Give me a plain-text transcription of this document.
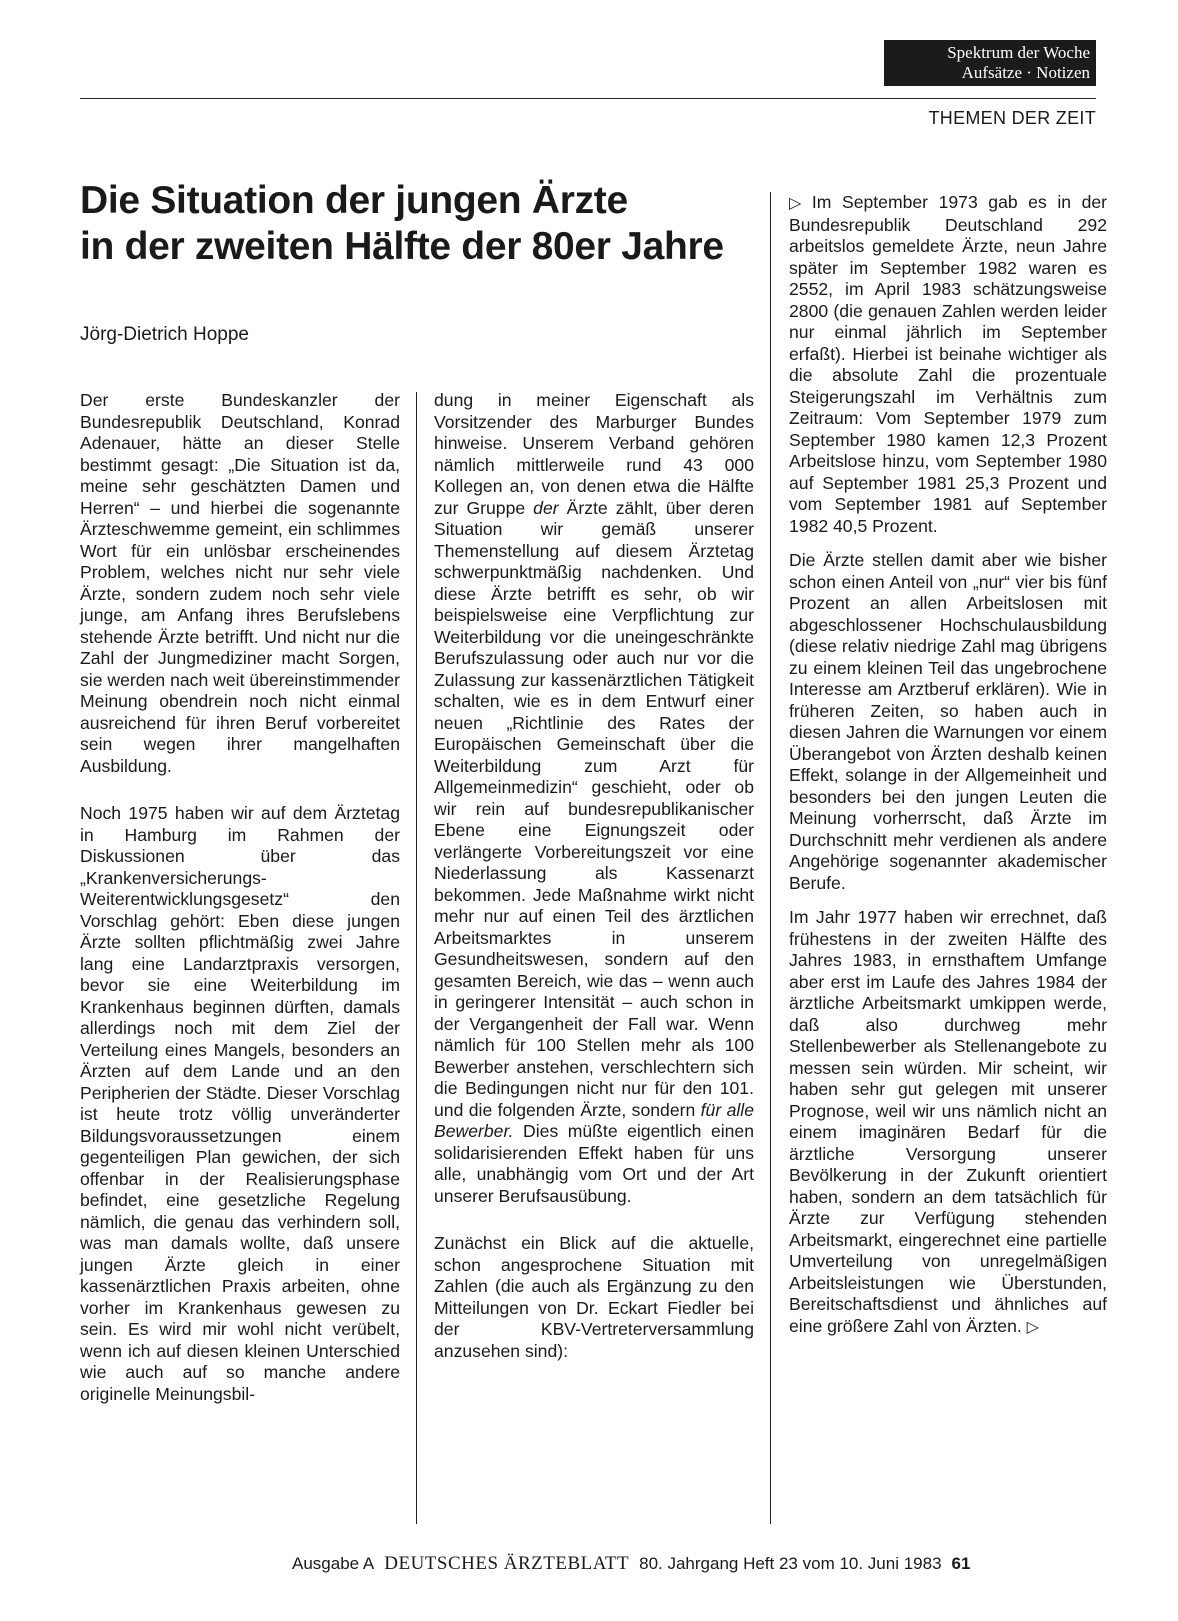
Spektrum der Woche
Aufsätze · Notizen
THEMEN DER ZEIT
Die Situation der jungen Ärzte
in der zweiten Hälfte der 80er Jahre
Jörg-Dietrich Hoppe

Der erste Bundeskanzler der Bundesrepublik Deutschland, Konrad Adenauer, hätte an dieser Stelle bestimmt gesagt: „Die Situation ist da, meine sehr geschätzten Damen und Herren“ – und hierbei die sogenannte Ärzteschwemme gemeint, ein schlimmes Wort für ein unlösbar erscheinendes Problem, welches nicht nur sehr viele Ärzte, sondern zudem noch sehr viele junge, am Anfang ihres Berufslebens stehende Ärzte betrifft. Und nicht nur die Zahl der Jungmediziner macht Sorgen, sie werden nach weit übereinstimmender Meinung obendrein noch nicht einmal ausreichend für ihren Beruf vorbereitet sein wegen ihrer mangelhaften Ausbildung.

Noch 1975 haben wir auf dem Ärztetag in Hamburg im Rahmen der Diskussionen über das „Krankenversicherungs-Weiterentwicklungsgesetz“ den Vorschlag gehört: Eben diese jungen Ärzte sollten pflichtmäßig zwei Jahre lang eine Landarztpraxis versorgen, bevor sie eine Weiterbildung im Krankenhaus beginnen dürften, damals allerdings noch mit dem Ziel der Verteilung eines Mangels, besonders an Ärzten auf dem Lande und an den Peripherien der Städte. Dieser Vorschlag ist heute trotz völlig unveränderter Bildungsvoraussetzungen einem gegenteiligen Plan gewichen, der sich offenbar in der Realisierungsphase befindet, eine gesetzliche Regelung nämlich, die genau das verhindern soll, was man damals wollte, daß unsere jungen Ärzte gleich in einer kassenärztlichen Praxis arbeiten, ohne vorher im Krankenhaus gewesen zu sein. Es wird mir wohl nicht verübelt, wenn ich auf diesen kleinen Unterschied wie auch auf so manche andere originelle Meinungsbil-

dung in meiner Eigenschaft als Vorsitzender des Marburger Bundes hinweise. Unserem Verband gehören nämlich mittlerweile rund 43 000 Kollegen an, von denen etwa die Hälfte zur Gruppe der Ärzte zählt, über deren Situation wir gemäß unserer Themenstellung auf diesem Ärztetag schwerpunktmäßig nachdenken. Und diese Ärzte betrifft es sehr, ob wir beispielsweise eine Verpflichtung zur Weiterbildung vor die uneingeschränkte Berufszulassung oder auch nur vor die Zulassung zur kassenärztlichen Tätigkeit schalten, wie es in dem Entwurf einer neuen „Richtlinie des Rates der Europäischen Gemeinschaft über die Weiterbildung zum Arzt für Allgemeinmedizin“ geschieht, oder ob wir rein auf bundesrepublikanischer Ebene eine Eignungszeit oder verlängerte Vorbereitungszeit vor eine Niederlassung als Kassenarzt bekommen. Jede Maßnahme wirkt nicht mehr nur auf einen Teil des ärztlichen Arbeitsmarktes in unserem Gesundheitswesen, sondern auf den gesamten Bereich, wie das – wenn auch in geringerer Intensität – auch schon in der Vergangenheit der Fall war. Wenn nämlich für 100 Stellen mehr als 100 Bewerber anstehen, verschlechtern sich die Bedingungen nicht nur für den 101. und die folgenden Ärzte, sondern für alle Bewerber. Dies müßte eigentlich einen solidarisierenden Effekt haben für uns alle, unabhängig vom Ort und der Art unserer Berufsausübung.

Zunächst ein Blick auf die aktuelle, schon angesprochene Situation mit Zahlen (die auch als Ergänzung zu den Mitteilungen von Dr. Eckart Fiedler bei der KBV-Vertreterversammlung anzusehen sind):

▷ Im September 1973 gab es in der Bundesrepublik Deutschland 292 arbeitslos gemeldete Ärzte, neun Jahre später im September 1982 waren es 2552, im April 1983 schätzungsweise 2800 (die genauen Zahlen werden leider nur einmal jährlich im September erfaßt). Hierbei ist beinahe wichtiger als die absolute Zahl die prozentuale Steigerungszahl im Verhältnis zum Zeitraum: Vom September 1979 zum September 1980 kamen 12,3 Prozent Arbeitslose hinzu, vom September 1980 auf September 1981 25,3 Prozent und vom September 1981 auf September 1982 40,5 Prozent.

Die Ärzte stellen damit aber wie bisher schon einen Anteil von „nur“ vier bis fünf Prozent an allen Arbeitslosen mit abgeschlossener Hochschulausbildung (diese relativ niedrige Zahl mag übrigens zu einem kleinen Teil das ungebrochene Interesse am Arztberuf erklären). Wie in früheren Zeiten, so haben auch in diesen Jahren die Warnungen vor einem Überangebot von Ärzten deshalb keinen Effekt, solange in der Allgemeinheit und besonders bei den jungen Leuten die Meinung vorherrscht, daß Ärzte im Durchschnitt mehr verdienen als andere Angehörige sogenannter akademischer Berufe.

Im Jahr 1977 haben wir errechnet, daß frühestens in der zweiten Hälfte des Jahres 1983, in ernsthaftem Umfange aber erst im Laufe des Jahres 1984 der ärztliche Arbeitsmarkt umkippen werde, daß also durchweg mehr Stellenbewerber als Stellenangebote zu messen sein würden. Mir scheint, wir haben sehr gut gelegen mit unserer Prognose, weil wir uns nämlich nicht an einem imaginären Bedarf für die ärztliche Versorgung unserer Bevölkerung in der Zukunft orientiert haben, sondern an dem tatsächlich für Ärzte zur Verfügung stehenden Arbeitsmarkt, eingerechnet eine partielle Umverteilung von unregelmäßigen Arbeitsleistungen wie Überstunden, Bereitschaftsdienst und ähnliches auf eine größere Zahl von Ärzten. ▷

Ausgabe A DEUTSCHES ÄRZTEBLATT 80. Jahrgang Heft 23 vom 10. Juni 1983 61
